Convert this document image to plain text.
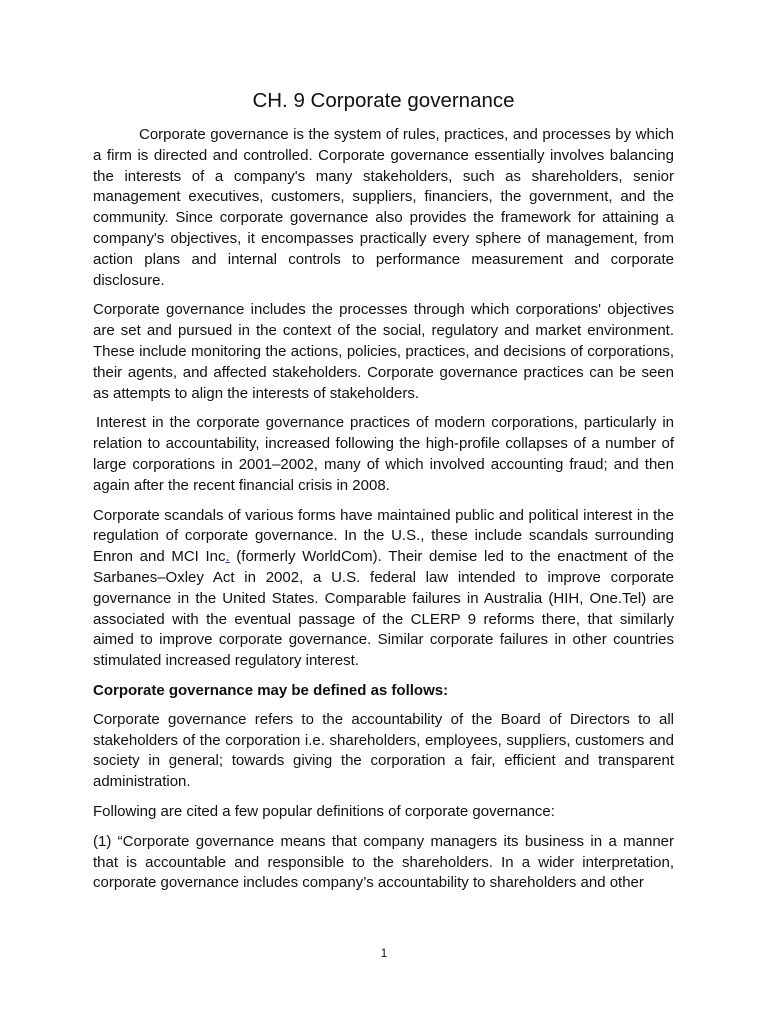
CH. 9 Corporate governance

Corporate governance is the system of rules, practices, and processes by which a firm is directed and controlled. Corporate governance essentially involves balancing the interests of a company's many stakeholders, such as shareholders, senior management executives, customers, suppliers, financiers, the government, and the community. Since corporate governance also provides the framework for attaining a company's objectives, it encompasses practically every sphere of management, from action plans and internal controls to performance measurement and corporate disclosure.

Corporate governance includes the processes through which corporations' objectives are set and pursued in the context of the social, regulatory and market environment. These include monitoring the actions, policies, practices, and decisions of corporations, their agents, and affected stakeholders. Corporate governance practices can be seen as attempts to align the interests of stakeholders.

Interest in the corporate governance practices of modern corporations, particularly in relation to accountability, increased following the high-profile collapses of a number of large corporations in 2001–2002, many of which involved accounting fraud; and then again after the recent financial crisis in 2008.

Corporate scandals of various forms have maintained public and political interest in the regulation of corporate governance. In the U.S., these include scandals surrounding Enron and MCI Inc. (formerly WorldCom). Their demise led to the enactment of the Sarbanes–Oxley Act in 2002, a U.S. federal law intended to improve corporate governance in the United States. Comparable failures in Australia (HIH, One.Tel) are associated with the eventual passage of the CLERP 9 reforms there, that similarly aimed to improve corporate governance. Similar corporate failures in other countries stimulated increased regulatory interest.

Corporate governance may be defined as follows:

Corporate governance refers to the accountability of the Board of Directors to all stakeholders of the corporation i.e. shareholders, employees, suppliers, customers and society in general; towards giving the corporation a fair, efficient and transparent administration.

Following are cited a few popular definitions of corporate governance:

(1) “Corporate governance means that company managers its business in a manner that is accountable and responsible to the shareholders. In a wider interpretation, corporate governance includes company’s accountability to shareholders and other

1
